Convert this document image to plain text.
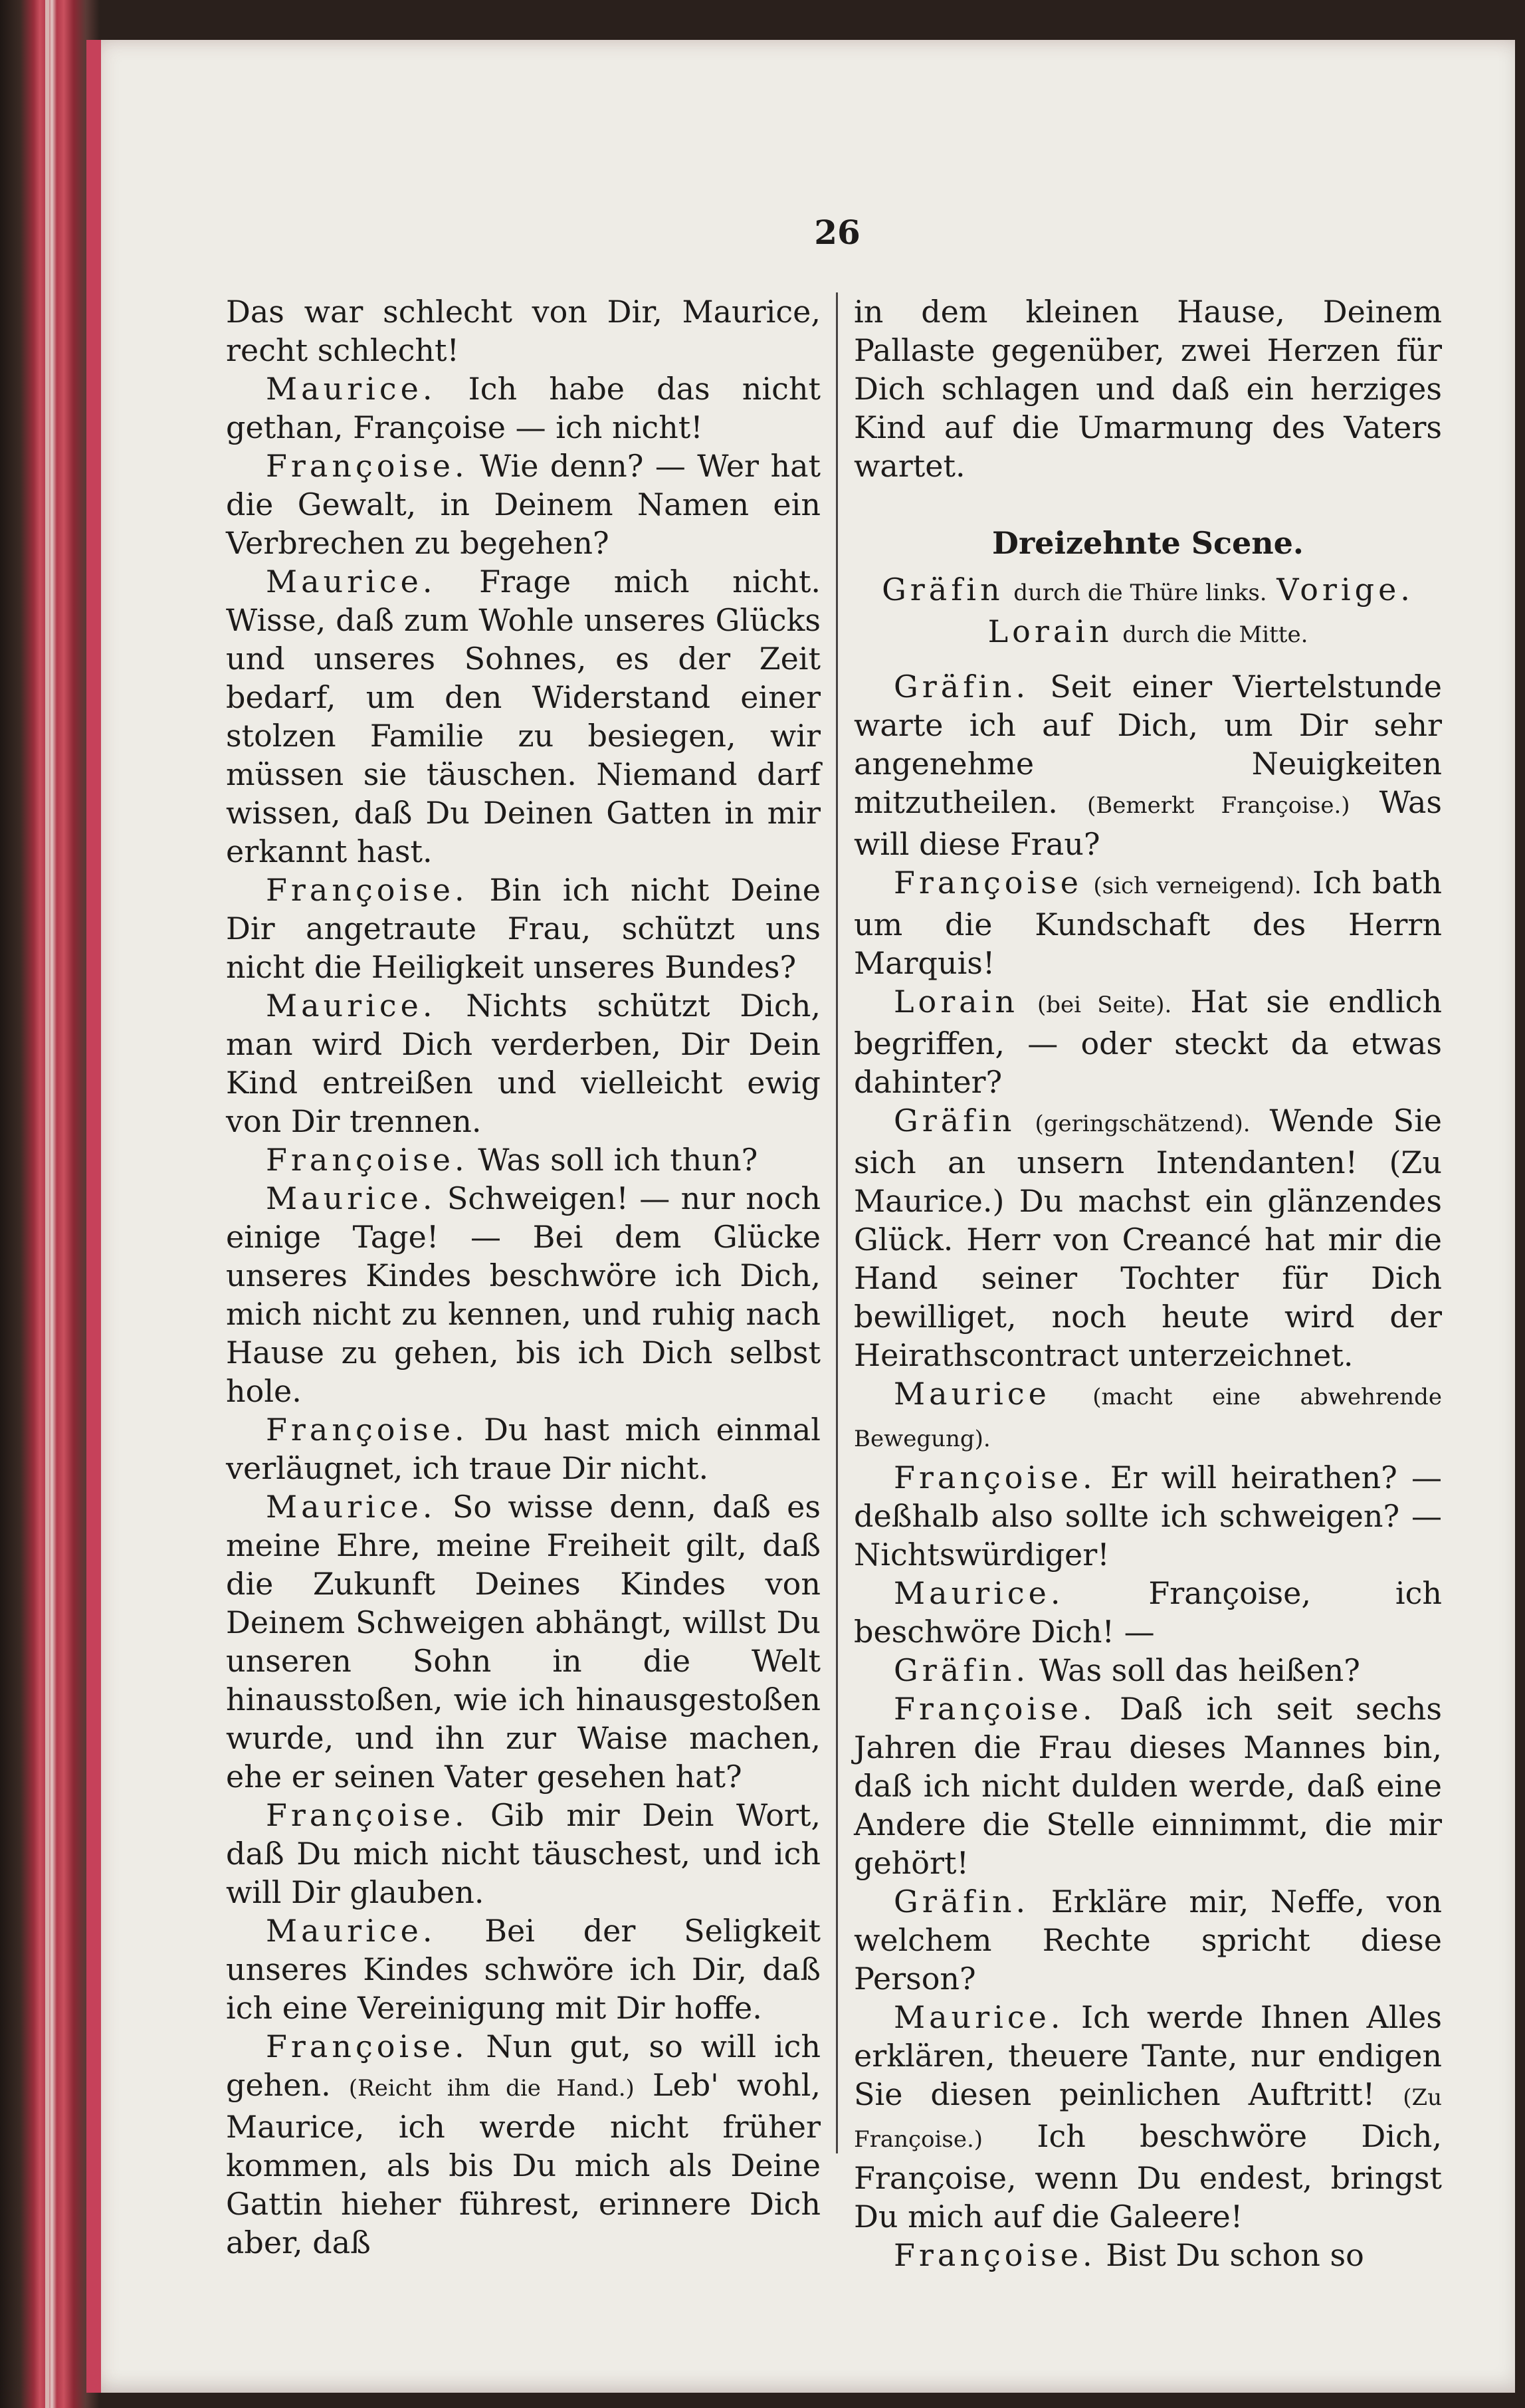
26

Das war schlecht von Dir, Maurice, recht schlecht!

Maurice. Ich habe das nicht gethan, Françoise — ich nicht!

Françoise. Wie denn? — Wer hat die Gewalt, in Deinem Namen ein Verbrechen zu begehen?

Maurice. Frage mich nicht. Wisse, daß zum Wohle unseres Glücks und unseres Sohnes, es der Zeit bedarf, um den Widerstand einer stolzen Familie zu besiegen, wir müssen sie täuschen. Niemand darf wissen, daß Du Deinen Gatten in mir erkannt hast.

Françoise. Bin ich nicht Deine Dir angetraute Frau, schützt uns nicht die Heiligkeit unseres Bundes?

Maurice. Nichts schützt Dich, man wird Dich verderben, Dir Dein Kind entreißen und vielleicht ewig von Dir trennen.

Françoise. Was soll ich thun?

Maurice. Schweigen! — nur noch einige Tage! — Bei dem Glücke unseres Kindes beschwöre ich Dich, mich nicht zu kennen, und ruhig nach Hause zu gehen, bis ich Dich selbst hole.

Françoise. Du hast mich einmal verläugnet, ich traue Dir nicht.

Maurice. So wisse denn, daß es meine Ehre, meine Freiheit gilt, daß die Zukunft Deines Kindes von Deinem Schweigen abhängt, willst Du unseren Sohn in die Welt hinausstoßen, wie ich hinausgestoßen wurde, und ihn zur Waise machen, ehe er seinen Vater gesehen hat?

Françoise. Gib mir Dein Wort, daß Du mich nicht täuschest, und ich will Dir glauben.

Maurice. Bei der Seligkeit unseres Kindes schwöre ich Dir, daß ich eine Vereinigung mit Dir hoffe.

Françoise. Nun gut, so will ich gehen. (Reicht ihm die Hand.) Leb' wohl, Maurice, ich werde nicht früher kommen, als bis Du mich als Deine Gattin hieher führest, erinnere Dich aber, daß

in dem kleinen Hause, Deinem Pallaste gegenüber, zwei Herzen für Dich schlagen und daß ein herziges Kind auf die Umarmung des Vaters wartet.

Dreizehnte Scene.

Gräfin durch die Thüre links. Vorige.

Lorain durch die Mitte.

Gräfin. Seit einer Viertelstunde warte ich auf Dich, um Dir sehr angenehme Neuigkeiten mitzutheilen. (Bemerkt Françoise.) Was will diese Frau?

Françoise (sich verneigend). Ich bath um die Kundschaft des Herrn Marquis!

Lorain (bei Seite). Hat sie endlich begriffen, — oder steckt da etwas dahinter?

Gräfin (geringschätzend). Wende Sie sich an unsern Intendanten! (Zu Maurice.) Du machst ein glänzendes Glück. Herr von Creancé hat mir die Hand seiner Tochter für Dich bewilliget, noch heute wird der Heirathscontract unterzeichnet.

Maurice (macht eine abwehrende Bewegung).

Françoise. Er will heirathen? — deßhalb also sollte ich schweigen? — Nichtswürdiger!

Maurice.	Françoise, ich beschwöre Dich! —

Gräfin. Was soll das heißen?

Françoise. Daß ich seit sechs Jahren die Frau dieses Mannes bin, daß ich nicht dulden werde, daß eine Andere die Stelle einnimmt, die mir gehört!

Gräfin. Erkläre mir, Neffe, von welchem Rechte spricht diese Person?

Maurice. Ich werde Ihnen Alles erklären, theuere Tante, nur endigen Sie diesen peinlichen Auftritt! (Zu Françoise.) Ich beschwöre Dich, Françoise, wenn Du endest, bringst Du mich auf die Galeere!

Françoise. Bist Du schon so
